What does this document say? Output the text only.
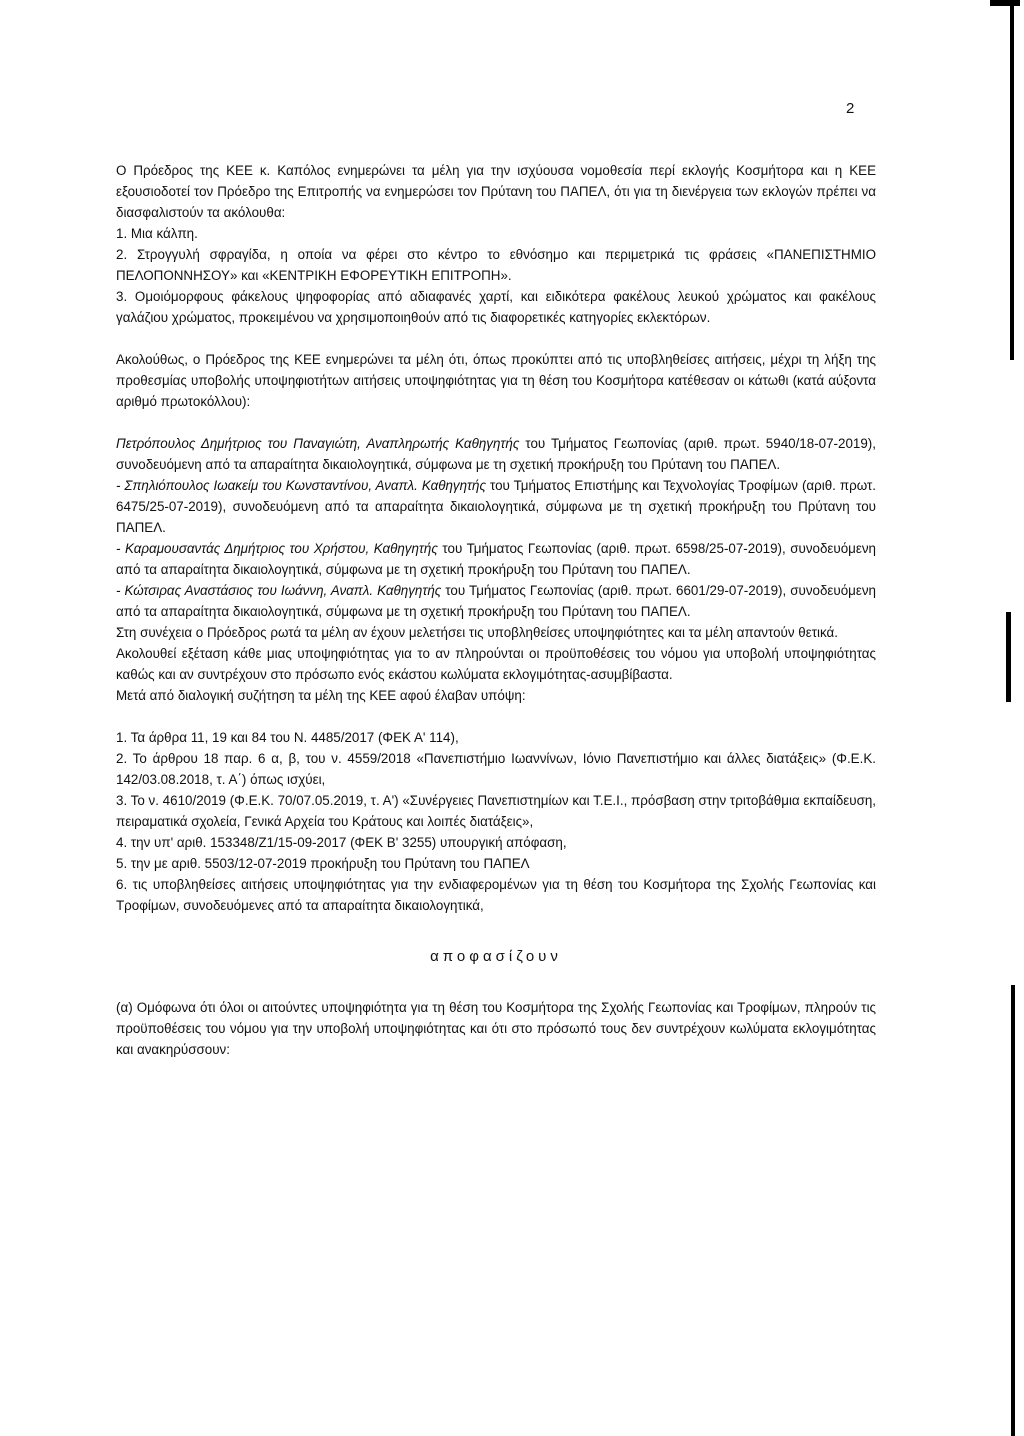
2

Ο Πρόεδρος της ΚΕΕ κ. Καπόλος ενημερώνει τα μέλη για την ισχύουσα νομοθεσία περί εκλογής Κοσμήτορα και η ΚΕΕ εξουσιοδοτεί τον Πρόεδρο της Επιτροπής να ενημερώσει τον Πρύτανη του ΠΑΠΕΛ, ότι για τη διενέργεια των εκλογών πρέπει να διασφαλιστούν τα ακόλουθα:

1. Μια κάλπη.

2. Στρογγυλή σφραγίδα, η οποία να φέρει στο κέντρο το εθνόσημο και περιμετρικά τις φράσεις «ΠΑΝΕΠΙΣΤΗΜΙΟ ΠΕΛΟΠΟΝΝΗΣΟΥ» και «ΚΕΝΤΡΙΚΗ ΕΦΟΡΕΥΤΙΚΗ ΕΠΙΤΡΟΠΗ».

3. Ομοιόμορφους φάκελους ψηφοφορίας από αδιαφανές χαρτί, και ειδικότερα φακέλους λευκού χρώματος και φακέλους γαλάζιου χρώματος, προκειμένου να χρησιμοποιηθούν από τις διαφορετικές κατηγορίες εκλεκτόρων.

Ακολούθως, ο Πρόεδρος της ΚΕΕ ενημερώνει τα μέλη ότι, όπως προκύπτει από τις υποβληθείσες αιτήσεις, μέχρι τη λήξη της προθεσμίας υποβολής υποψηφιοτήτων αιτήσεις υποψηφιότητας για τη θέση του Κοσμήτορα κατέθεσαν οι κάτωθι (κατά αύξοντα αριθμό πρωτοκόλλου):

Πετρόπουλος Δημήτριος του Παναγιώτη, Αναπληρωτής Καθηγητής του Τμήματος Γεωπονίας (αριθ. πρωτ. 5940/18-07-2019), συνοδευόμενη από τα απαραίτητα δικαιολογητικά, σύμφωνα με τη σχετική προκήρυξη του Πρύτανη του ΠΑΠΕΛ.

- Σπηλιόπουλος Ιωακείμ του Κωνσταντίνου, Αναπλ. Καθηγητής του Τμήματος Επιστήμης και Τεχνολογίας Τροφίμων (αριθ. πρωτ. 6475/25-07-2019), συνοδευόμενη από τα απαραίτητα δικαιολογητικά, σύμφωνα με τη σχετική προκήρυξη του Πρύτανη του ΠΑΠΕΛ.

- Καραμουσαντάς Δημήτριος του Χρήστου, Καθηγητής του Τμήματος Γεωπονίας (αριθ. πρωτ. 6598/25-07-2019), συνοδευόμενη από τα απαραίτητα δικαιολογητικά, σύμφωνα με τη σχετική προκήρυξη του Πρύτανη του ΠΑΠΕΛ.

- Κώτσιρας Αναστάσιος του Ιωάννη, Αναπλ. Καθηγητής του Τμήματος Γεωπονίας (αριθ. πρωτ. 6601/29-07-2019), συνοδευόμενη από τα απαραίτητα δικαιολογητικά, σύμφωνα με τη σχετική προκήρυξη του Πρύτανη του ΠΑΠΕΛ.

Στη συνέχεια ο Πρόεδρος ρωτά τα μέλη αν έχουν μελετήσει τις υποβληθείσες υποψηφιότητες και τα μέλη απαντούν θετικά.

Ακολουθεί εξέταση κάθε μιας υποψηφιότητας για το αν πληρούνται οι προϋποθέσεις του νόμου για υποβολή υποψηφιότητας καθώς και αν συντρέχουν στο πρόσωπο ενός εκάστου κωλύματα εκλογιμότητας-ασυμβίβαστα.

Μετά από διαλογική συζήτηση τα μέλη της ΚΕΕ αφού έλαβαν υπόψη:

1. Τα άρθρα 11, 19 και 84 του Ν. 4485/2017 (ΦΕΚ Α' 114),

2. Το άρθρου 18 παρ. 6 α, β, του ν. 4559/2018 «Πανεπιστήμιο Ιωαννίνων, Ιόνιο Πανεπιστήμιο και άλλες διατάξεις» (Φ.Ε.Κ. 142/03.08.2018, τ. Α΄) όπως ισχύει,

3. Το ν. 4610/2019 (Φ.Ε.Κ. 70/07.05.2019, τ. Α') «Συνέργειες Πανεπιστημίων και Τ.Ε.Ι., πρόσβαση στην τριτοβάθμια εκπαίδευση, πειραματικά σχολεία, Γενικά Αρχεία του Κράτους και λοιπές διατάξεις»,

4. την υπ' αριθ. 153348/Ζ1/15-09-2017 (ΦΕΚ Β' 3255) υπουργική απόφαση,

5. την με αριθ. 5503/12-07-2019 προκήρυξη του Πρύτανη του ΠΑΠΕΛ

6. τις υποβληθείσες αιτήσεις υποψηφιότητας για την ενδιαφερομένων για τη θέση του Κοσμήτορα της Σχολής Γεωπονίας και Τροφίμων, συνοδευόμενες από τα απαραίτητα δικαιολογητικά,

αποφασίζουν

(α) Ομόφωνα ότι όλοι οι αιτούντες υποψηφιότητα για τη θέση του Κοσμήτορα της Σχολής Γεωπονίας και Τροφίμων, πληρούν τις προϋποθέσεις του νόμου για την υποβολή υποψηφιότητας και ότι στο πρόσωπό τους δεν συντρέχουν κωλύματα εκλογιμότητας και ανακηρύσσουν:
